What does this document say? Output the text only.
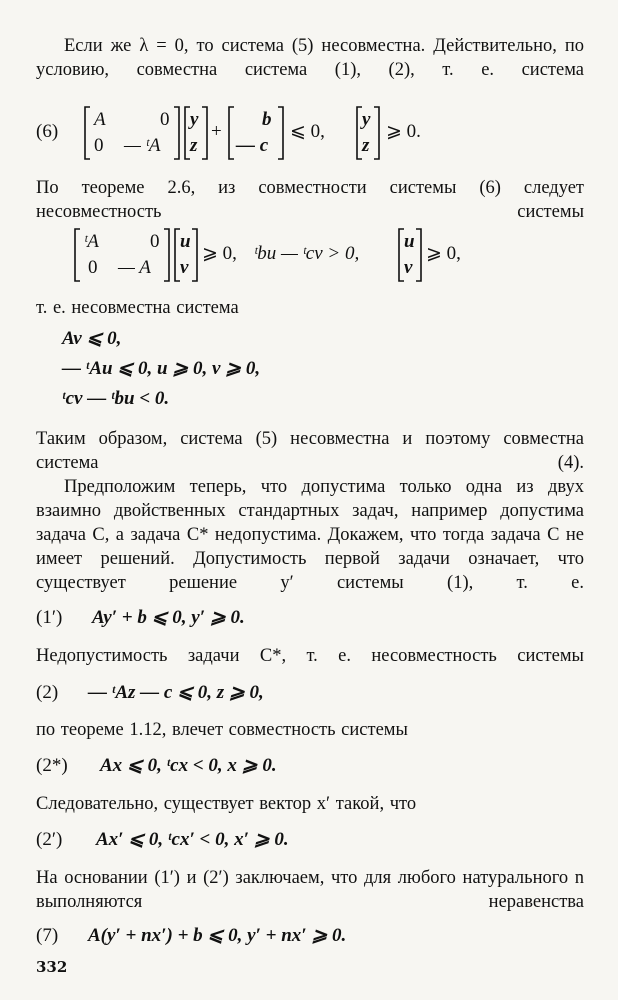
Если же λ = 0, то система (5) несовместна. Действительно, по условию, совместна система (1), (2), т. е. система
(6)
A	0
0 — ᵗA
y
z
+
b
— c
⩽ 0,
y
z
⩾ 0.
По теореме 2.6, из совместности системы (6) следует несовместность системы
ᵗA	0
0 — A
u
v
⩾ 0, ᵗbu — ᵗcv > 0,
u
v
⩾ 0,
т. е. несовместна система
Av ⩽ 0,
— ᵗAu ⩽ 0, u ⩾ 0, v ⩾ 0,
ᵗcv — ᵗbu < 0.
Таким образом, система (5) несовместна и поэтому совместна система (4).
Предположим теперь, что допустима только одна из двух взаимно двойственных стандартных задач, например допустима задача C, а задача C* недопустима. Докажем, что тогда задача C не имеет решений. Допустимость первой задачи означает, что существует решение y′ системы (1), т. е.
(1′) Ay′ + b ⩽ 0, y′ ⩾ 0.
Недопустимость задачи C*, т. е. несовместность системы
(2) — ᵗAz — c ⩽ 0, z ⩾ 0,
по теореме 1.12, влечет совместность системы
(2*) Ax ⩽ 0, ᵗcx < 0, x ⩾ 0.
Следовательно, существует вектор x′ такой, что
(2′) Ax′ ⩽ 0, ᵗcx′ < 0, x′ ⩾ 0.
На основании (1′) и (2′) заключаем, что для любого натурального n выполняются неравенства
(7) A(y′ + nx′) + b ⩽ 0, y′ + nx′ ⩾ 0.
332
